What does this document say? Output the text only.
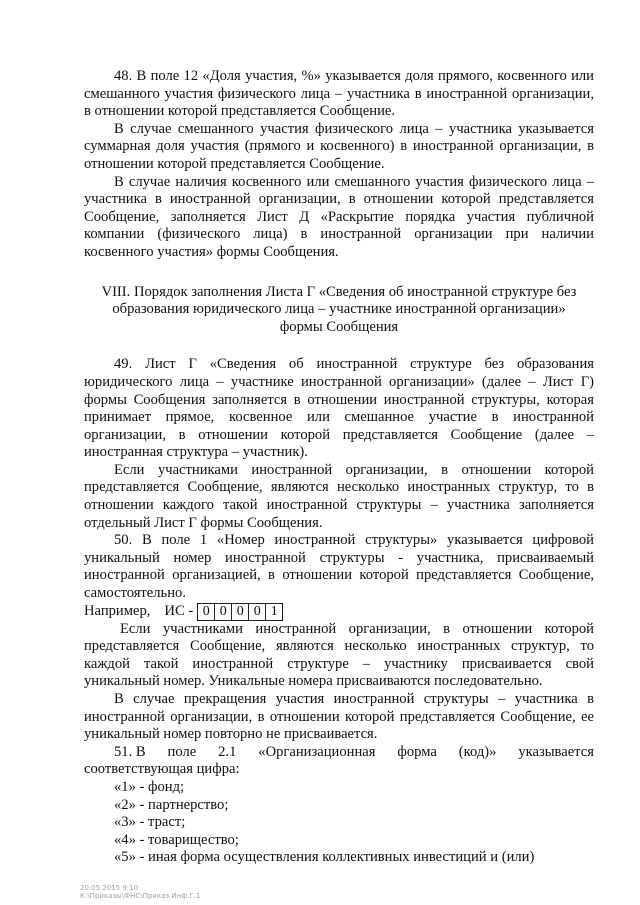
48. В поле 12 «Доля участия, %» указывается доля прямого, косвенного или смешанного участия физического лица – участника в иностранной организации, в отношении которой представляется Сообщение.

В случае смешанного участия физического лица – участника указывается суммарная доля участия (прямого и косвенного) в иностранной организации, в отношении которой представляется Сообщение.

В случае наличия косвенного или смешанного участия физического лица – участника в иностранной организации, в отношении которой представляется Сообщение, заполняется Лист Д «Раскрытие порядка участия публичной компании (физического лица) в иностранной организации при наличии косвенного участия» формы Сообщения.

VIII. Порядок заполнения Листа Г «Сведения об иностранной структуре без
образования юридического лица – участнике иностранной организации»
формы Сообщения

49. Лист Г «Сведения об иностранной структуре без образования юридического лица – участнике иностранной организации» (далее – Лист Г) формы Сообщения заполняется в отношении иностранной структуры, которая принимает прямое, косвенное или смешанное участие в иностранной организации, в отношении которой представляется Сообщение (далее – иностранная структура – участник).

Если участниками иностранной организации, в отношении которой представляется Сообщение, являются несколько иностранных структур, то в отношении каждого такой иностранной структуры – участника заполняется отдельный Лист Г формы Сообщения.

50. В поле 1 «Номер иностранной структуры» указывается цифровой уникальный номер иностранной структуры - участника, присваиваемый иностранной организацией, в отношении которой представляется Сообщение, самостоятельно.

Например, ИС - 0 0 0 0 1

Если участниками иностранной организации, в отношении которой представляется Сообщение, являются несколько иностранных структур, то каждой такой иностранной структуре – участнику присваивается свой уникальный номер. Уникальные номера присваиваются последовательно.

В случае прекращения участия иностранной структуры – участника в иностранной организации, в отношении которой представляется Сообщение, ее уникальный номер повторно не присваивается.

51. В поле 2.1 «Организационная форма (код)» указывается

соответствующая цифра:

«1» - фонд;

«2» - партнерство;

«3» - траст;

«4» - товарищество;

«5» - иная форма осуществления коллективных инвестиций и (или)

20.05.2015 9:10
К:\Приказы\ФНС\Приказ Инф.Г.1
